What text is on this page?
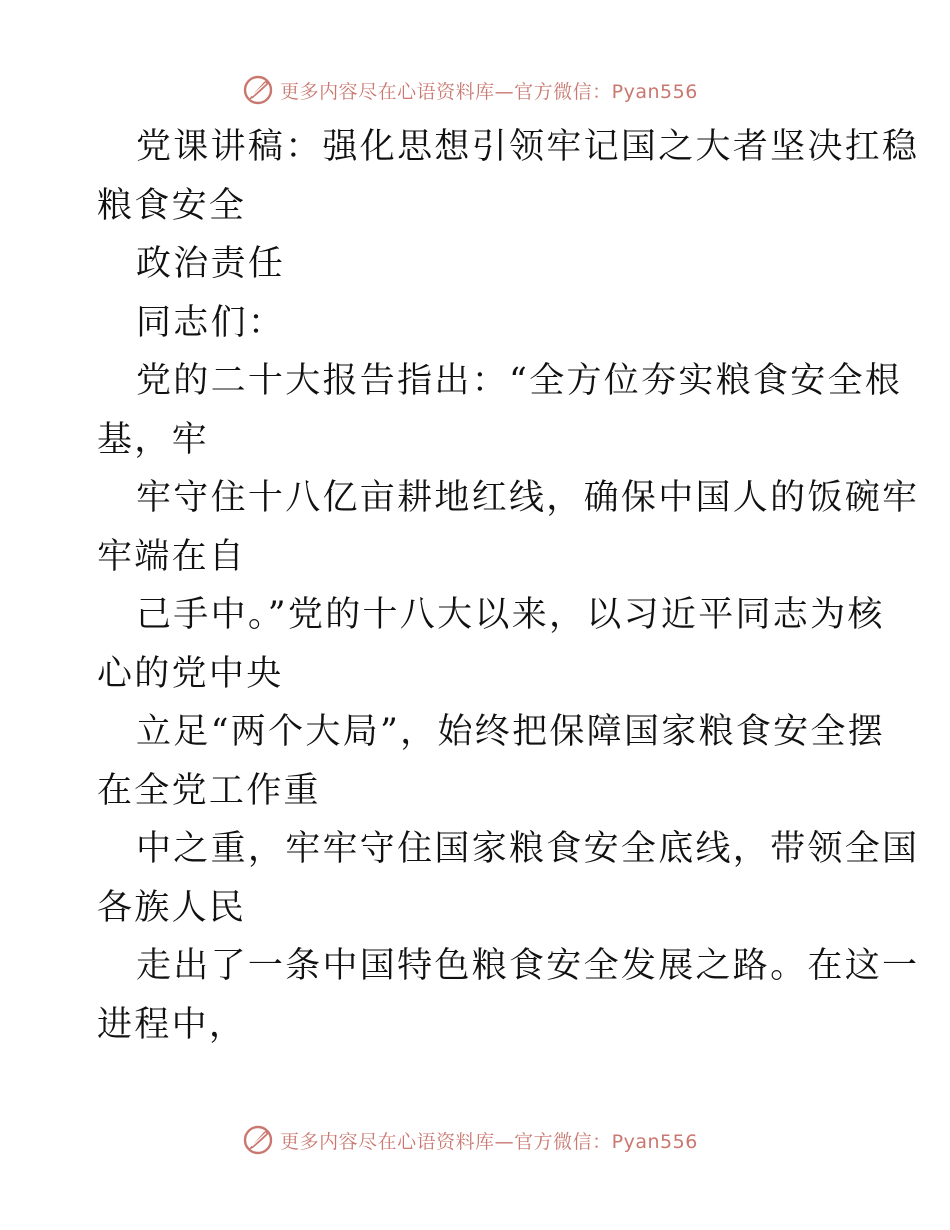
更多内容尽在心语资料库—官方微信：Pyan556
党课讲稿：强化思想引领牢记国之大者坚决扛稳
粮食安全
政治责任
同志们：
党的二十大报告指出：“全方位夯实粮食安全根
基，牢
牢守住十八亿亩耕地红线，确保中国人的饭碗牢
牢端在自
己手中。”党的十八大以来，以习近平同志为核
心的党中央
立足“两个大局”，始终把保障国家粮食安全摆
在全党工作重
中之重，牢牢守住国家粮食安全底线，带领全国
各族人民
走出了一条中国特色粮食安全发展之路。在这一
进程中，
更多内容尽在心语资料库—官方微信：Pyan556
